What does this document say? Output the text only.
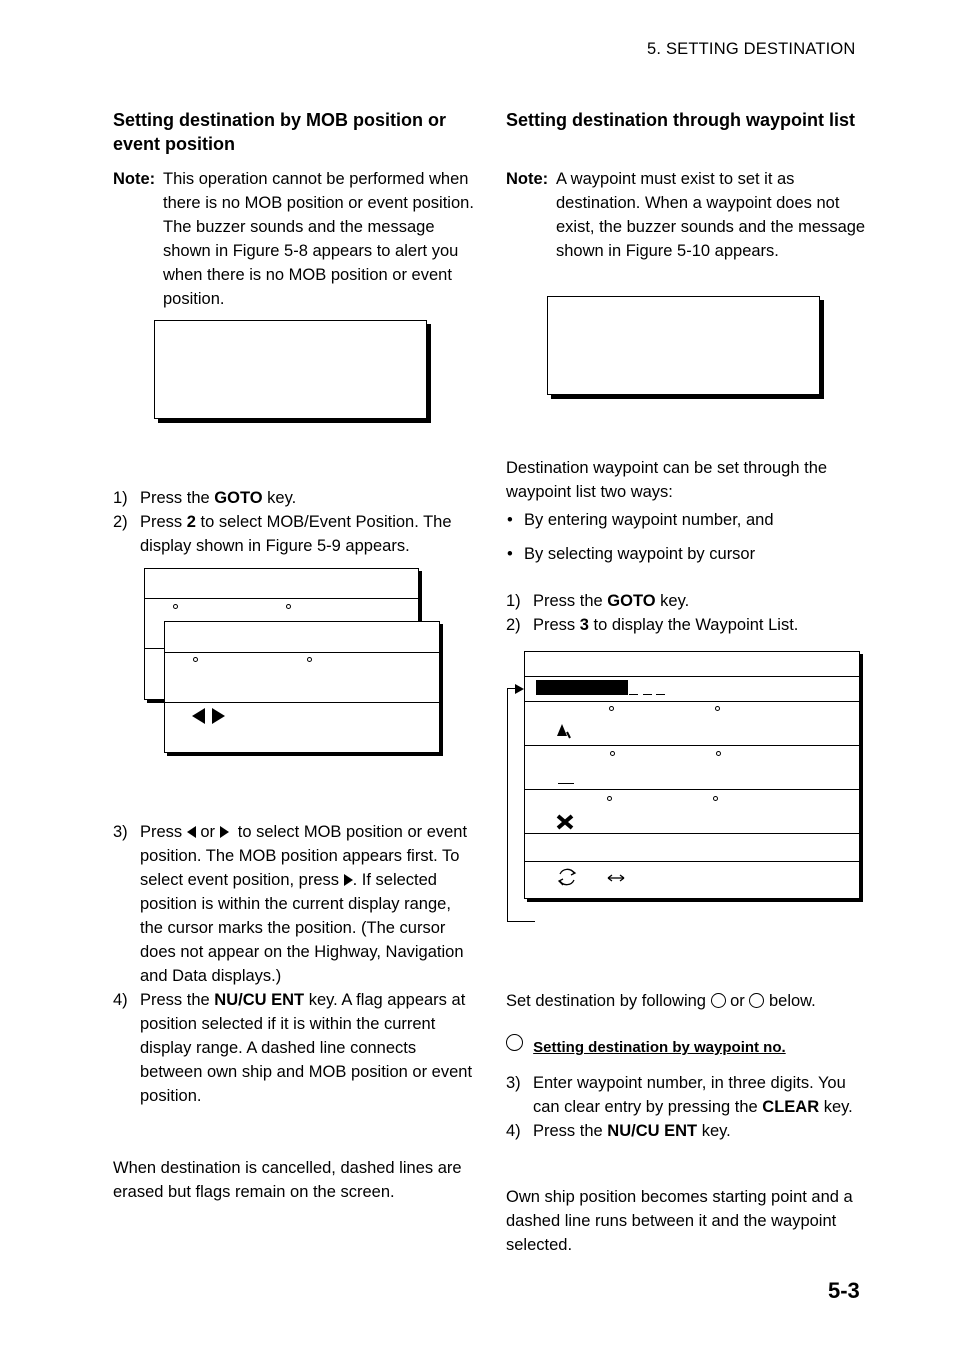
5. SETTING DESTINATION
Setting destination by MOB position or event position
Note: This operation cannot be performed when there is no MOB position or event position. The buzzer sounds and the message shown in Figure 5-8 appears to alert you when there is no MOB position or event position.
1) Press the GOTO key.
2) Press 2 to select MOB/Event Position. The display shown in Figure 5-9 appears.

3) Press  or   to select MOB position or event position. The MOB position appears first. To select event position, press . If selected position is within the current display range, the cursor marks the position. (The cursor does not appear on the Highway, Navigation and Data displays.)
4) Press the NU/CU ENT key. A flag appears at position selected if it is within the current display range. A dashed line connects between own ship and MOB position or event position.
When destination is cancelled, dashed lines are erased but flags remain on the screen.
Setting destination through waypoint list
Note: A waypoint must exist to set it as destination. When a waypoint does not exist, the buzzer sounds and the message shown in Figure 5-10 appears.
Destination waypoint can be set through the waypoint list two ways:
• By entering waypoint number, and
• By selecting waypoint by cursor
1) Press the GOTO key.
2) Press 3 to display the Waypoint List.
Set destination by following  or  below.
Setting destination by waypoint no.
3) Enter waypoint number, in three digits. You can clear entry by pressing the CLEAR key.
4) Press the NU/CU ENT key.
Own ship position becomes starting point and a dashed line runs between it and the waypoint selected.
5-3
